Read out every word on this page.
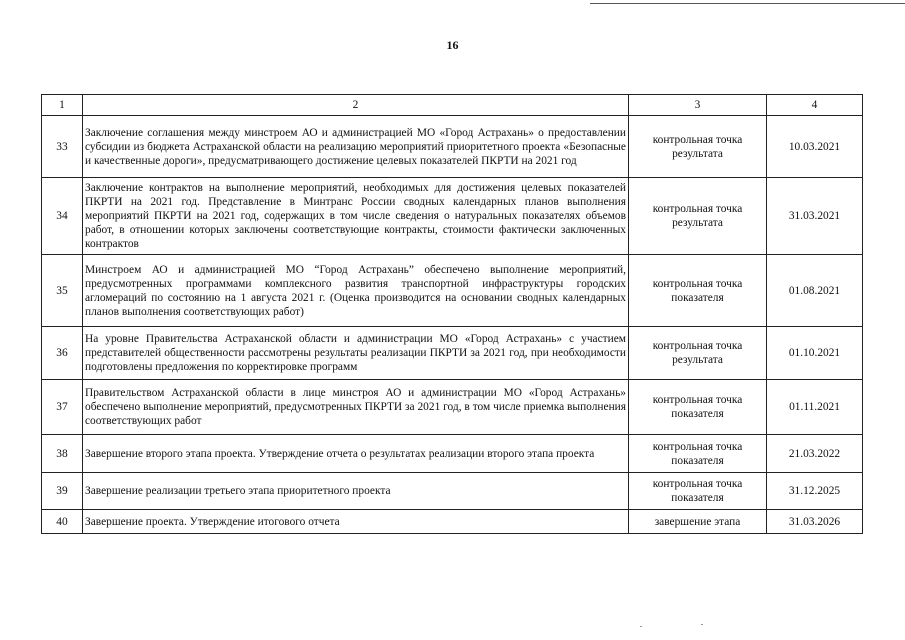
16
1	2	3	4
33	Заключение соглашения между минстроем АО и администрацией МО «Город Астрахань» о предоставлении субсидии из бюджета Астраханской области на реализацию мероприятий приоритетного проекта «Безопасные и качественные дороги», предусматривающего достижение целевых показателей ПКРТИ на 2021 год	контрольная точка результата	10.03.2021
34	Заключение контрактов на выполнение мероприятий, необходимых для достижения целевых показателей ПКРТИ на 2021 год. Представление в Минтранс России сводных календарных планов выполнения мероприятий ПКРТИ на 2021 год, содержащих в том числе сведения о натуральных показателях объемов работ, в отношении которых заключены соответствующие контракты, стоимости фактически заключенных контрактов	контрольная точка результата	31.03.2021
35	Минстроем АО и администрацией МО “Город Астрахань” обеспечено выполнение мероприятий, предусмотренных программами комплексного развития транспортной инфраструктуры городских агломераций по состоянию на 1 августа 2021 г. (Оценка производится на основании сводных календарных планов выполнения соответствующих работ)	контрольная точка показателя	01.08.2021
36	На уровне Правительства Астраханской области и администрации МО «Город Астрахань» с участием представителей общественности рассмотрены результаты реализации ПКРТИ за 2021 год, при необходимости подготовлены предложения по корректировке программ	контрольная точка результата	01.10.2021
37	Правительством Астраханской области в лице минстроя АО и администрации МО «Город Астрахань» обеспечено выполнение мероприятий, предусмотренных ПКРТИ за 2021 год, в том числе приемка выполнения соответствующих работ	контрольная точка показателя	01.11.2021
38	Завершение второго этапа проекта. Утверждение отчета о результатах реализации второго этапа проекта	контрольная точка показателя	21.03.2022
39	Завершение реализации третьего этапа приоритетного проекта	контрольная точка показателя	31.12.2025
40	Завершение проекта. Утверждение итогового отчета	завершение этапа	31.03.2026
